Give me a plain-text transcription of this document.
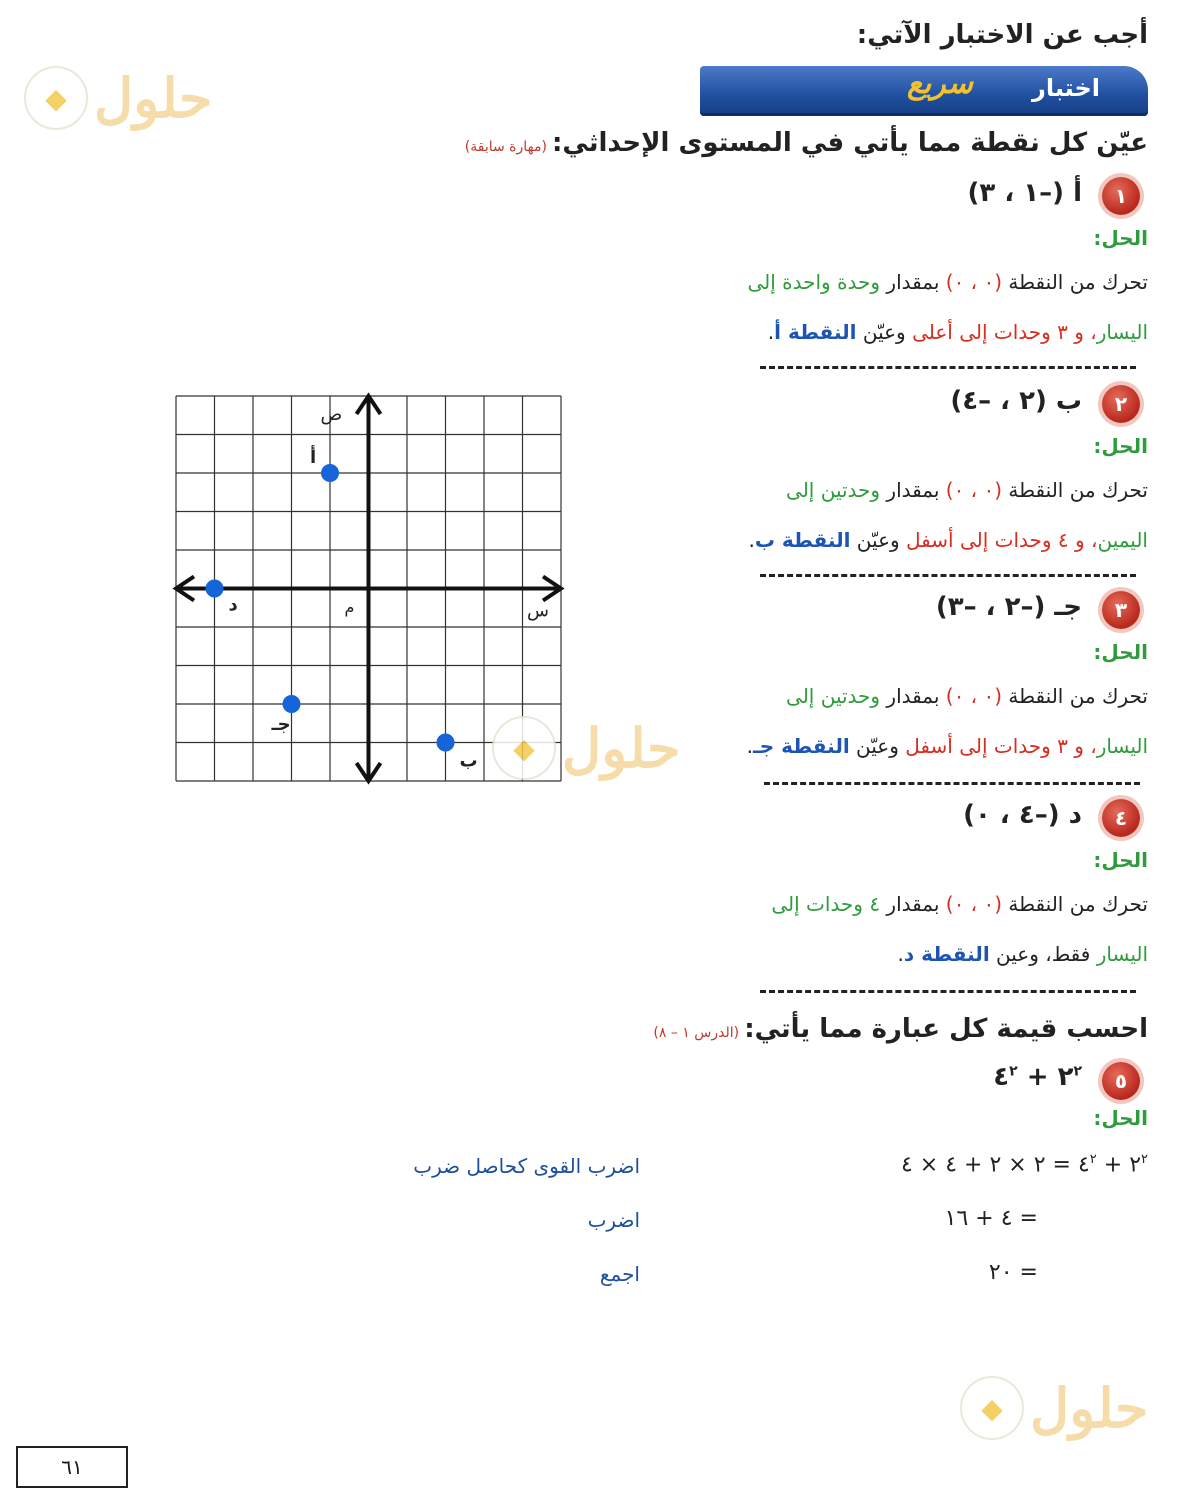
أجب عن الاختبار الآتي:
اختبار
سريع
عيّن كل نقطة مما يأتي في المستوى الإحداثي: (مهارة سابقة)
١
أ (–١ ، ٣)
الحل:
تحرك من النقطة (٠ ، ٠) بمقدار وحدة واحدة إلى
اليسار، و ٣ وحدات إلى أعلى وعيّن النقطة أ.
٢
ب (٢ ، –٤)
الحل:
تحرك من النقطة (٠ ، ٠) بمقدار وحدتين إلى
اليمين، و ٤ وحدات إلى أسفل وعيّن النقطة ب.
٣
جـ (–٢ ، –٣)
الحل:
تحرك من النقطة (٠ ، ٠) بمقدار وحدتين إلى
اليسار، و ٣ وحدات إلى أسفل وعيّن النقطة جـ.
٤
د (–٤ ، ٠)
الحل:
تحرك من النقطة (٠ ، ٠) بمقدار ٤ وحدات إلى
اليسار فقط، وعين النقطة د.
احسب قيمة كل عبارة مما يأتي: (الدرس ١ – ٨)
٥
$٢^٢$ + $٤^٢$
الحل:
$٢^٢$ + $٤^٢$ = ٢ × ٢ + ٤ × ٤
اضرب القوى كحاصل ضرب
= ٤ + ١٦
اضرب
= ٢٠
اجمع
أ
ب
جـ
د
ص
س
م
◆ حلول
◆ حلول
◆ حلول
٦١
